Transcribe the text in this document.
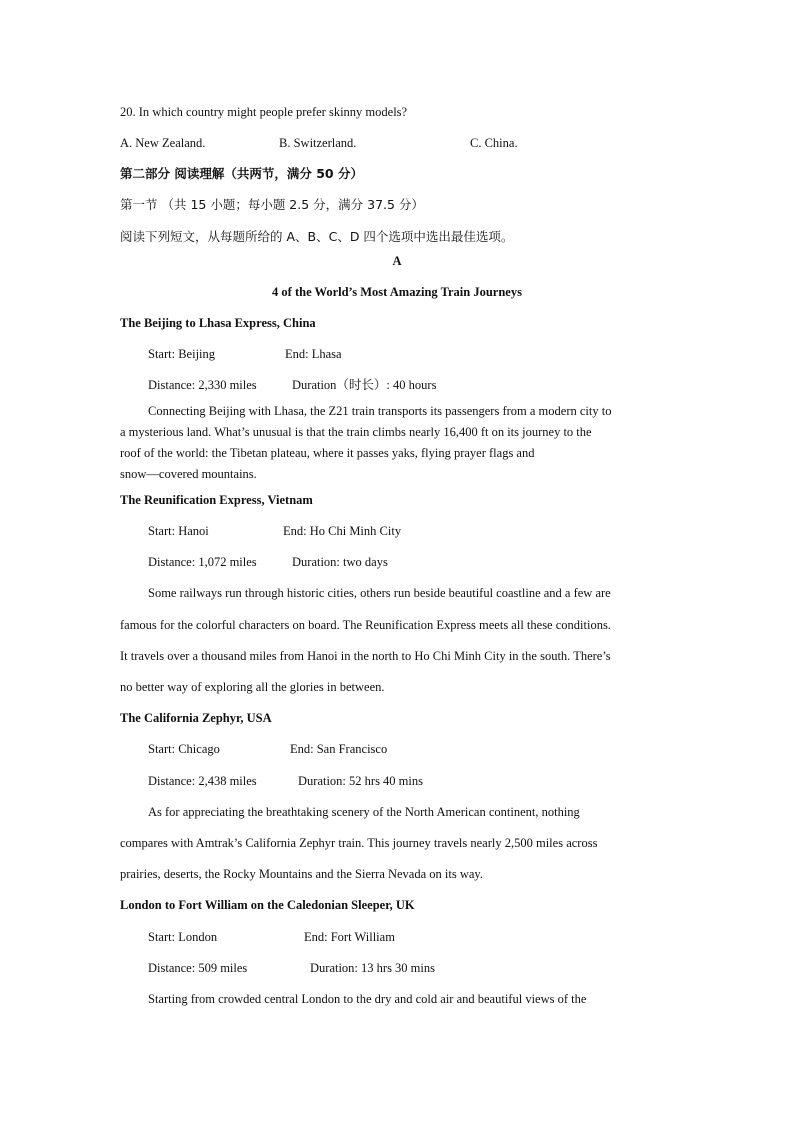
20. In which country might people prefer skinny models?
A. New Zealand.	B. Switzerland.	C. China.
第二部分 阅读理解（共两节，满分 50 分）
第一节 （共 15 小题；每小题 2.5 分，满分 37.5 分）
阅读下列短文，从每题所给的 A、B、C、D 四个选项中选出最佳选项。
A
4 of the World’s Most Amazing Train Journeys
The Beijing to Lhasa Express, China
Start: Beijing	End: Lhasa
Distance: 2,330 miles	Duration（时长）: 40 hours
Connecting Beijing with Lhasa, the Z21 train transports its passengers from a modern city to
a mysterious land. What’s unusual is that the train climbs nearly 16,400 ft on its journey to the
roof of the world: the Tibetan plateau, where it passes yaks, flying prayer flags and
snow—covered mountains.
The Reunification Express, Vietnam
Start: Hanoi	End: Ho Chi Minh City
Distance: 1,072 miles	Duration: two days
Some railways run through historic cities, others run beside beautiful coastline and a few are
famous for the colorful characters on board. The Reunification Express meets all these conditions.
It travels over a thousand miles from Hanoi in the north to Ho Chi Minh City in the south. There’s
no better way of exploring all the glories in between.
The California Zephyr, USA
Start: Chicago	End: San Francisco
Distance: 2,438 miles	Duration: 52 hrs 40 mins
As for appreciating the breathtaking scenery of the North American continent, nothing
compares with Amtrak’s California Zephyr train. This journey travels nearly 2,500 miles across
prairies, deserts, the Rocky Mountains and the Sierra Nevada on its way.
London to Fort William on the Caledonian Sleeper, UK
Start: London	End: Fort William
Distance: 509 miles	Duration: 13 hrs 30 mins
Starting from crowded central London to the dry and cold air and beautiful views of the
